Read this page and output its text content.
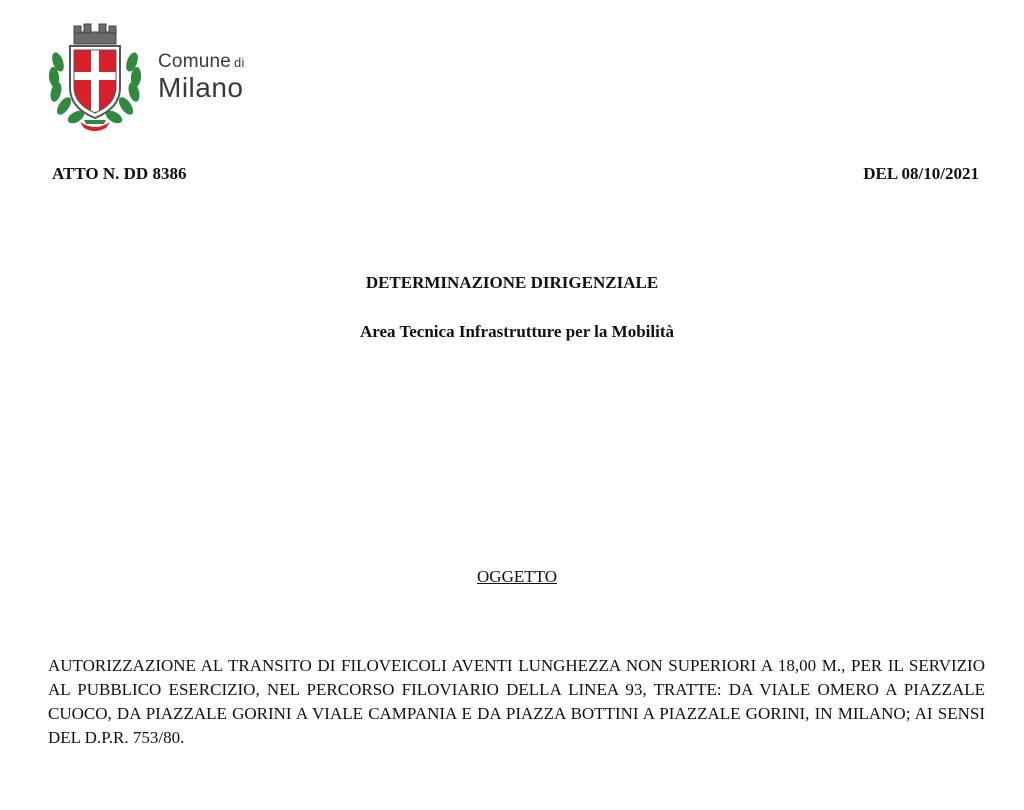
Comune di
Milano
ATTO N. DD 8386	DEL 08/10/2021
DETERMINAZIONE DIRIGENZIALE
Area Tecnica Infrastrutture per la Mobilità
OGGETTO

AUTORIZZAZIONE AL TRANSITO DI FILOVEICOLI AVENTI LUNGHEZZA NON SUPERIORI A 18,00 M., PER IL SERVIZIO AL PUBBLICO ESERCIZIO, NEL PERCORSO FILOVIARIO DELLA LINEA 93, TRATTE: DA VIALE OMERO A PIAZZALE CUOCO, DA PIAZZALE GORINI A VIALE CAMPANIA E DA PIAZZA BOTTINI A PIAZZALE GORINI, IN MILANO; AI SENSI DEL D.P.R. 753/80.
